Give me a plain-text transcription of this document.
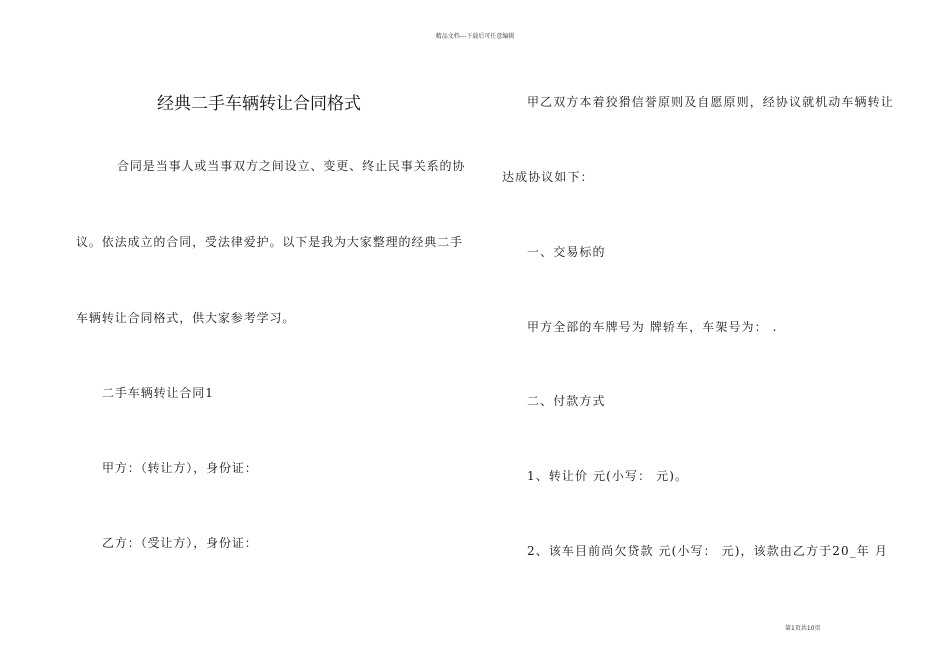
精品文档---下载后可任意编辑
经典二手车辆转让合同格式
合同是当事人或当事双方之间设立、变更、终止民事关系的协
议。依法成立的合同，受法律爱护。以下是我为大家整理的经典二手
车辆转让合同格式，供大家参考学习。
二手车辆转让合同1
甲方：（转让方），身份证：
乙方：（受让方），身份证：
甲乙双方本着狡猾信誉原则及自愿原则，经协议就机动车辆转让
达成协议如下：
一、交易标的
甲方全部的车牌号为 牌轿车，车架号为： .
二、付款方式
1、转让价 元(小写： 元)。
2、该车目前尚欠贷款 元(小写： 元)，该款由乙方于20_年 月
第1页共10页
